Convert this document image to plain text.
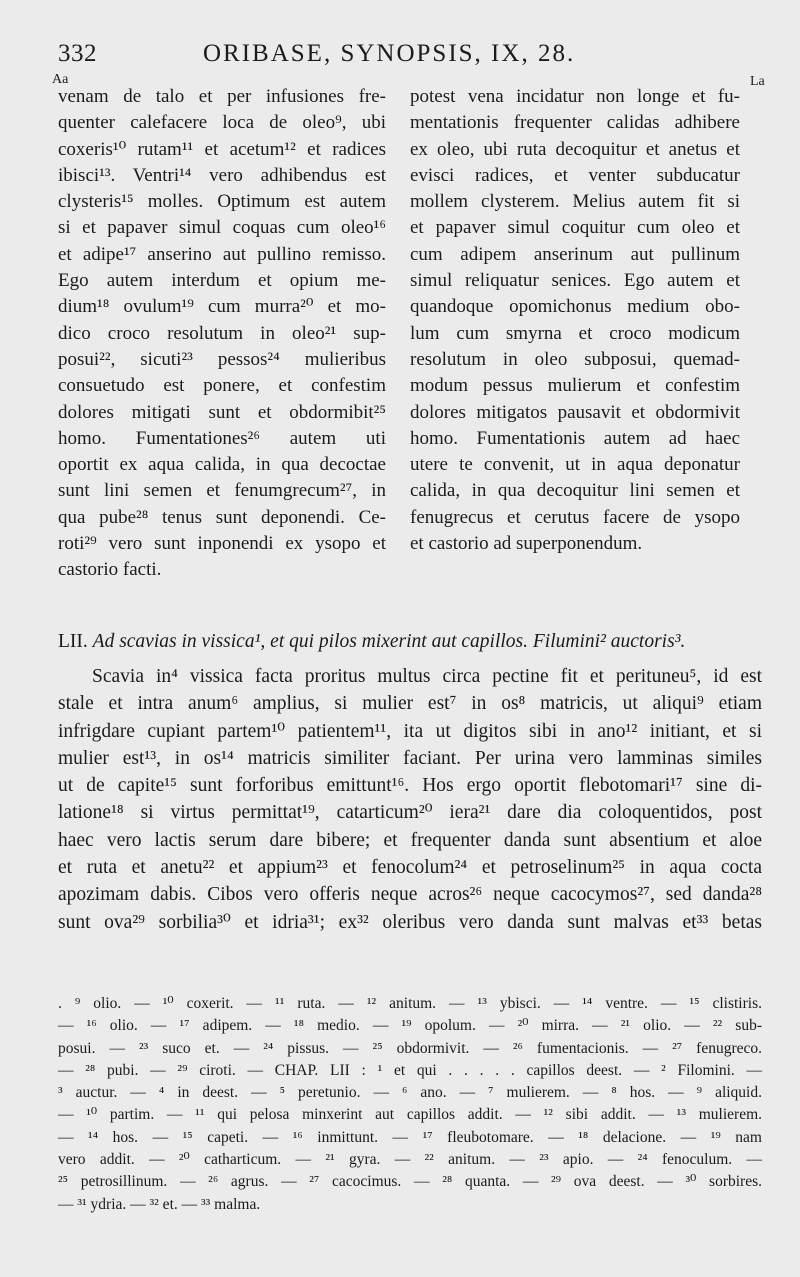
332	ORIBASE, SYNOPSIS, IX, 28.
Aa	La
venam de talo et per infusiones fre-
quenter calefacere loca de oleo⁹, ubi
coxeris¹⁰ rutam¹¹ et acetum¹² et radices
ibisci¹³. Ventri¹⁴ vero adhibendus est
clysteris¹⁵ molles. Optimum est autem
si et papaver simul coquas cum oleo¹⁶
et adipe¹⁷ anserino aut pullino remisso.
Ego autem interdum et opium me-
dium¹⁸ ovulum¹⁹ cum murra²⁰ et mo-
dico croco resolutum in oleo²¹ sup-
posui²², sicuti²³ pessos²⁴ mulieribus
consuetudo est ponere, et confestim
dolores mitigati sunt et obdormibit²⁵
homo. Fumentationes²⁶ autem uti
oportit ex aqua calida, in qua decoctae
sunt lini semen et fenumgrecum²⁷, in
qua pube²⁸ tenus sunt deponendi. Ce-
roti²⁹ vero sunt inponendi ex ysopo et
castorio facti.
potest vena incidatur non longe et fu-
mentationis frequenter calidas adhibere
ex oleo, ubi ruta decoquitur et anetus et
evisci radices, et venter subducatur
mollem clysterem. Melius autem fit si
et papaver simul coquitur cum oleo et
cum adipem anserinum aut pullinum
simul reliquatur senices. Ego autem et
quandoque opomichonus medium obo-
lum cum smyrna et croco modicum
resolutum in oleo subposui, quemad-
modum pessus mulierum et confestim
dolores mitigatos pausavit et obdormivit
homo. Fumentationis autem ad haec
utere te convenit, ut in aqua deponatur
calida, in qua decoquitur lini semen et
fenugrecus et cerutus facere de ysopo
et castorio ad superponendum.
LII. Ad scavias in vissica¹, et qui pilos mixerint aut capillos. Filumini² auctoris³.
Scavia in⁴ vissica facta proritus multus circa pectine fit et perituneu⁵, id est
stale et intra anum⁶ amplius, si mulier est⁷ in os⁸ matricis, ut aliqui⁹ etiam
infrigdare cupiant partem¹⁰ patientem¹¹, ita ut digitos sibi in ano¹² initiant, et si
mulier est¹³, in os¹⁴ matricis similiter faciant. Per urina vero lamminas similes
ut de capite¹⁵ sunt forforibus emittunt¹⁶. Hos ergo oportit flebotomari¹⁷ sine di-
latione¹⁸ si virtus permittat¹⁹, catarticum²⁰ iera²¹ dare dia coloquentidos, post
haec vero lactis serum dare bibere; et frequenter danda sunt absentium et aloe
et ruta et anetu²² et appium²³ et fenocolum²⁴ et petroselinum²⁵ in aqua cocta
apozimam dabis. Cibos vero offeris neque acros²⁶ neque cacocymos²⁷, sed danda²⁸
sunt ova²⁹ sorbilia³⁰ et idria³¹; ex³² oleribus vero danda sunt malvas et³³ betas
. ⁹ olio. — ¹⁰ coxerit. — ¹¹ ruta. — ¹² anitum. — ¹³ ybisci. — ¹⁴ ventre. — ¹⁵ clistiris.
— ¹⁶ olio. — ¹⁷ adipem. — ¹⁸ medio. — ¹⁹ opolum. — ²⁰ mirra. — ²¹ olio. — ²² sub-
posui. — ²³ suco et. — ²⁴ pissus. — ²⁵ obdormivit. — ²⁶ fumentacionis. — ²⁷ fenugreco.
— ²⁸ pubi. — ²⁹ ciroti. — CHAP. LII : ¹ et qui . . . . . capillos deest. — ² Filomini. —
³ auctur. — ⁴ in deest. — ⁵ peretunio. — ⁶ ano. — ⁷ mulierem. — ⁸ hos. — ⁹ aliquid.
— ¹⁰ partim. — ¹¹ qui pelosa minxerint aut capillos addit. — ¹² sibi addit. — ¹³ mulierem.
— ¹⁴ hos. — ¹⁵ capeti. — ¹⁶ inmittunt. — ¹⁷ fleubotomare. — ¹⁸ delacione. — ¹⁹ nam
vero addit. — ²⁰ catharticum. — ²¹ gyra. — ²² anitum. — ²³ apio. — ²⁴ fenoculum. —
²⁵ petrosillinum. — ²⁶ agrus. — ²⁷ cacocimus. — ²⁸ quanta. — ²⁹ ova deest. — ³⁰ sorbires.
— ³¹ ydria. — ³² et. — ³³ malma.
